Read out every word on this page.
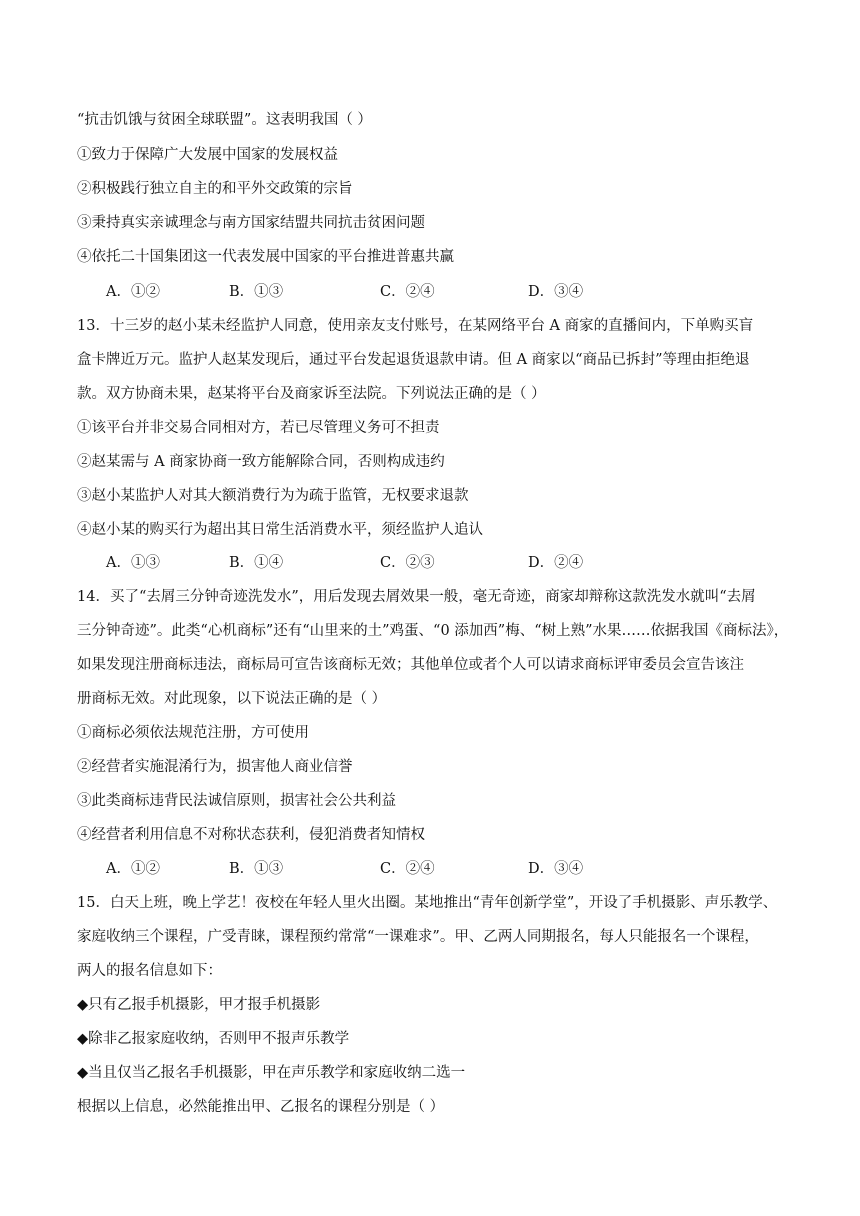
“抗击饥饿与贫困全球联盟”。这表明我国（ ）
①致力于保障广大发展中国家的发展权益
②积极践行独立自主的和平外交政策的宗旨
③秉持真实亲诚理念与南方国家结盟共同抗击贫困问题
④依托二十国集团这一代表发展中国家的平台推进普惠共赢
A．①②	B．①③	C．②④	D．③④
13．十三岁的赵小某未经监护人同意，使用亲友支付账号，在某网络平台 A 商家的直播间内，下单购买盲
盒卡牌近万元。监护人赵某发现后，通过平台发起退货退款申请。但 A 商家以“商品已拆封”等理由拒绝退
款。双方协商未果，赵某将平台及商家诉至法院。下列说法正确的是（ ）
①该平台并非交易合同相对方，若已尽管理义务可不担责
②赵某需与 A 商家协商一致方能解除合同，否则构成违约
③赵小某监护人对其大额消费行为为疏于监管，无权要求退款
④赵小某的购买行为超出其日常生活消费水平，须经监护人追认
A．①③	B．①④	C．②③	D．②④
14．买了“去屑三分钟奇迹洗发水”，用后发现去屑效果一般，毫无奇迹，商家却辩称这款洗发水就叫“去屑
三分钟奇迹”。此类“心机商标”还有“山里来的土”鸡蛋、“0 添加西”梅、“树上熟”水果……依据我国《商标法》，
如果发现注册商标违法，商标局可宣告该商标无效；其他单位或者个人可以请求商标评审委员会宣告该注
册商标无效。对此现象，以下说法正确的是（ ）
①商标必须依法规范注册，方可使用
②经营者实施混淆行为，损害他人商业信誉
③此类商标违背民法诚信原则，损害社会公共利益
④经营者利用信息不对称状态获利，侵犯消费者知情权
A．①②	B．①③	C．②④	D．③④
15．白天上班，晚上学艺！夜校在年轻人里火出圈。某地推出“青年创新学堂”，开设了手机摄影、声乐教学、
家庭收纳三个课程，广受青睐，课程预约常常“一课难求”。甲、乙两人同期报名，每人只能报名一个课程，
两人的报名信息如下：
◆只有乙报手机摄影，甲才报手机摄影
◆除非乙报家庭收纳，否则甲不报声乐教学
◆当且仅当乙报名手机摄影，甲在声乐教学和家庭收纳二选一
根据以上信息，必然能推出甲、乙报名的课程分别是（ ）
